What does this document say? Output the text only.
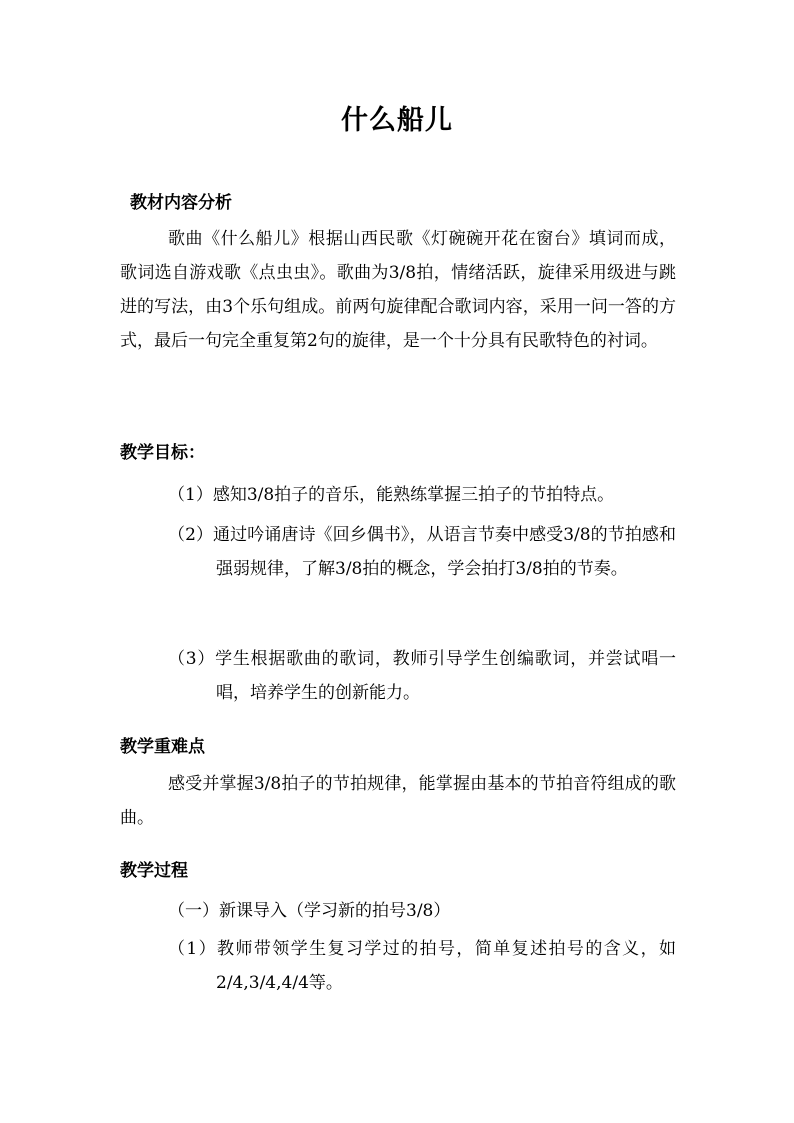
什么船儿
教材内容分析

歌曲《什么船儿》根据山西民歌《灯碗碗开花在窗台》填词而成，歌词选自游戏歌《点虫虫》。歌曲为3/8拍，情绪活跃，旋律采用级进与跳进的写法，由3个乐句组成。前两句旋律配合歌词内容，采用一问一答的方式，最后一句完全重复第2句的旋律，是一个十分具有民歌特色的衬词。

教学目标：

（1）感知3/8拍子的音乐，能熟练掌握三拍子的节拍特点。

（2）通过吟诵唐诗《回乡偶书》，从语言节奏中感受3/8的节拍感和强弱规律，了解3/8拍的概念，学会拍打3/8拍的节奏。

（3）学生根据歌曲的歌词，教师引导学生创编歌词，并尝试唱一唱，培养学生的创新能力。

教学重难点

感受并掌握3/8拍子的节拍规律，能掌握由基本的节拍音符组成的歌曲。

教学过程

（一）新课导入（学习新的拍号3/8）

（1）教师带领学生复习学过的拍号，简单复述拍号的含义，如2/4,3/4,4/4等。
